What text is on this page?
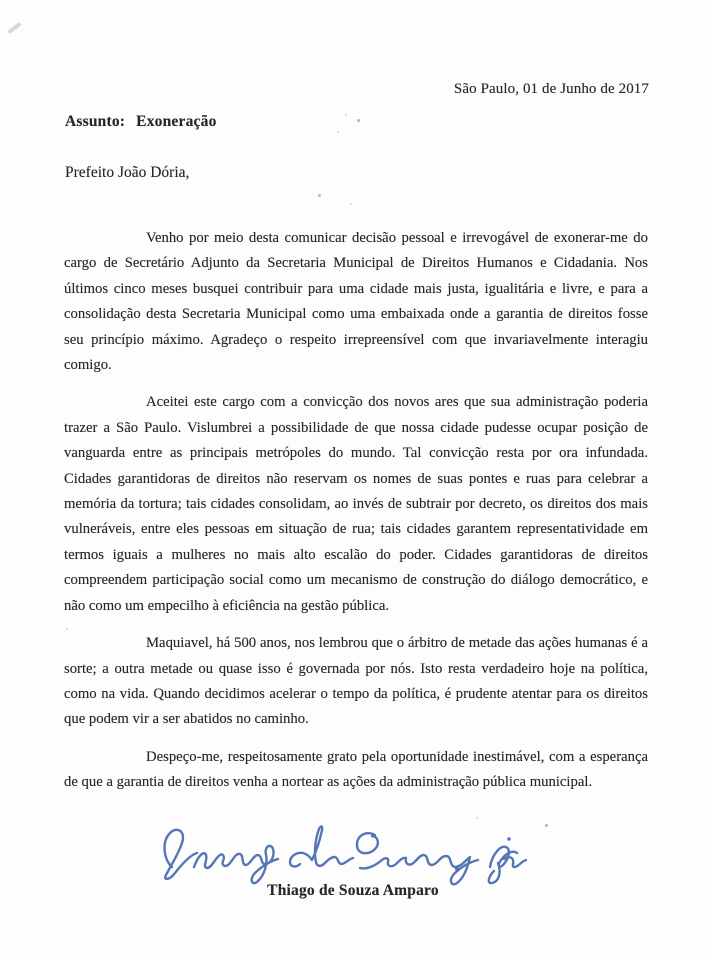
São Paulo, 01 de Junho de 2017
Assunto: Exoneração
Prefeito João Dória,

Venho por meio desta comunicar decisão pessoal e irrevogável de exonerar-me do cargo de Secretário Adjunto da Secretaria Municipal de Direitos Humanos e Cidadania. Nos últimos cinco meses busquei contribuir para uma cidade mais justa, igualitária e livre, e para a consolidação desta Secretaria Municipal como uma embaixada onde a garantia de direitos fosse seu princípio máximo. Agradeço o respeito irrepreensível com que invariavelmente interagiu comigo.

Aceitei este cargo com a convicção dos novos ares que sua administração poderia trazer a São Paulo. Vislumbrei a possibilidade de que nossa cidade pudesse ocupar posição de vanguarda entre as principais metrópoles do mundo. Tal convicção resta por ora infundada. Cidades garantidoras de direitos não reservam os nomes de suas pontes e ruas para celebrar a memória da tortura; tais cidades consolidam, ao invés de subtrair por decreto, os direitos dos mais vulneráveis, entre eles pessoas em situação de rua; tais cidades garantem representatividade em termos iguais a mulheres no mais alto escalão do poder. Cidades garantidoras de direitos compreendem participação social como um mecanismo de construção do diálogo democrático, e não como um empecilho à eficiência na gestão pública.

Maquiavel, há 500 anos, nos lembrou que o árbitro de metade das ações humanas é a sorte; a outra metade ou quase isso é governada por nós. Isto resta verdadeiro hoje na política, como na vida. Quando decidimos acelerar o tempo da política, é prudente atentar para os direitos que podem vir a ser abatidos no caminho.

Despeço-me, respeitosamente grato pela oportunidade inestimável, com a esperança de que a garantia de direitos venha a nortear as ações da administração pública municipal.

Thiago de Souza Amparo
